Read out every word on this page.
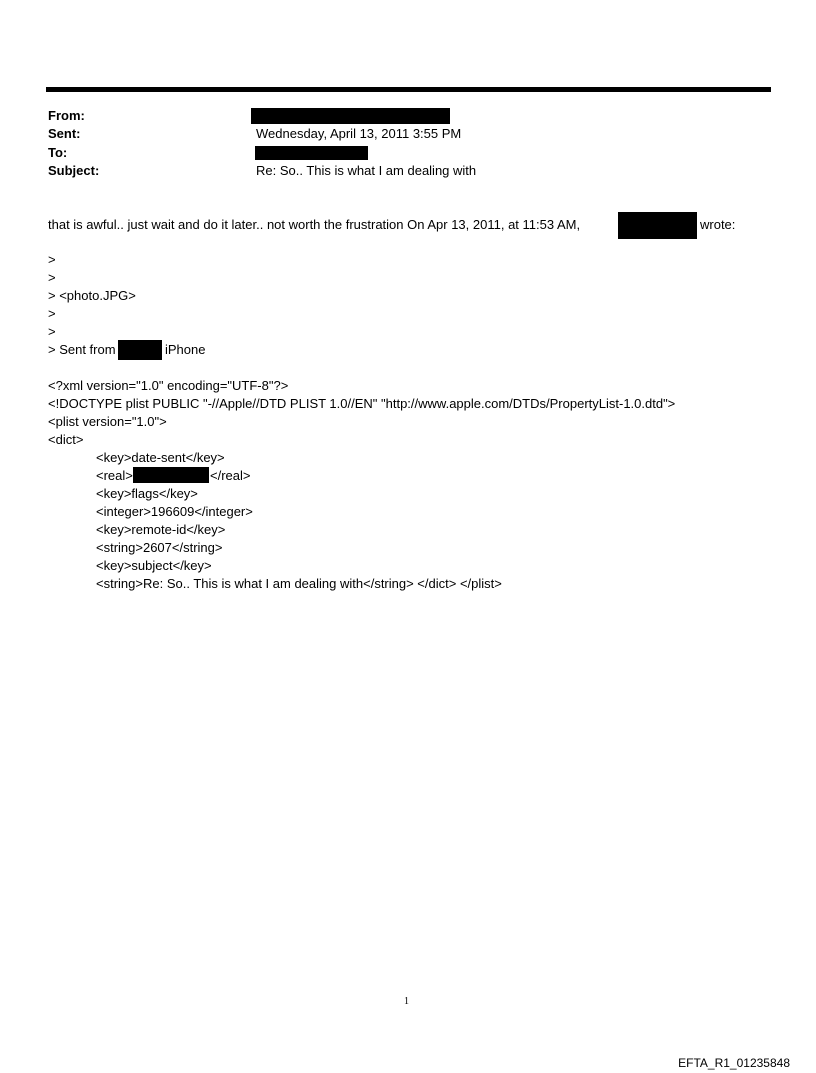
From:
Sent:	Wednesday, April 13, 2011 3:55 PM
To:
Subject:	Re: So.. This is what I am dealing with
that is awful.. just wait and do it later.. not worth the frustration On Apr 13, 2011, at 11:53 AM,	wrote:
>
>
> <photo.JPG>
>
>
> Sent from	iPhone
<?xml version="1.0" encoding="UTF-8"?>
<!DOCTYPE plist PUBLIC "-//Apple//DTD PLIST 1.0//EN" "http://www.apple.com/DTDs/PropertyList-1.0.dtd">
<plist version="1.0">
<dict>
<key>date-sent</key>
<real>	</real>
<key>flags</key>
<integer>196609</integer>
<key>remote-id</key>
<string>2607</string>
<key>subject</key>
<string>Re: So.. This is what I am dealing with</string> </dict> </plist>
1
EFTA_R1_01235848
